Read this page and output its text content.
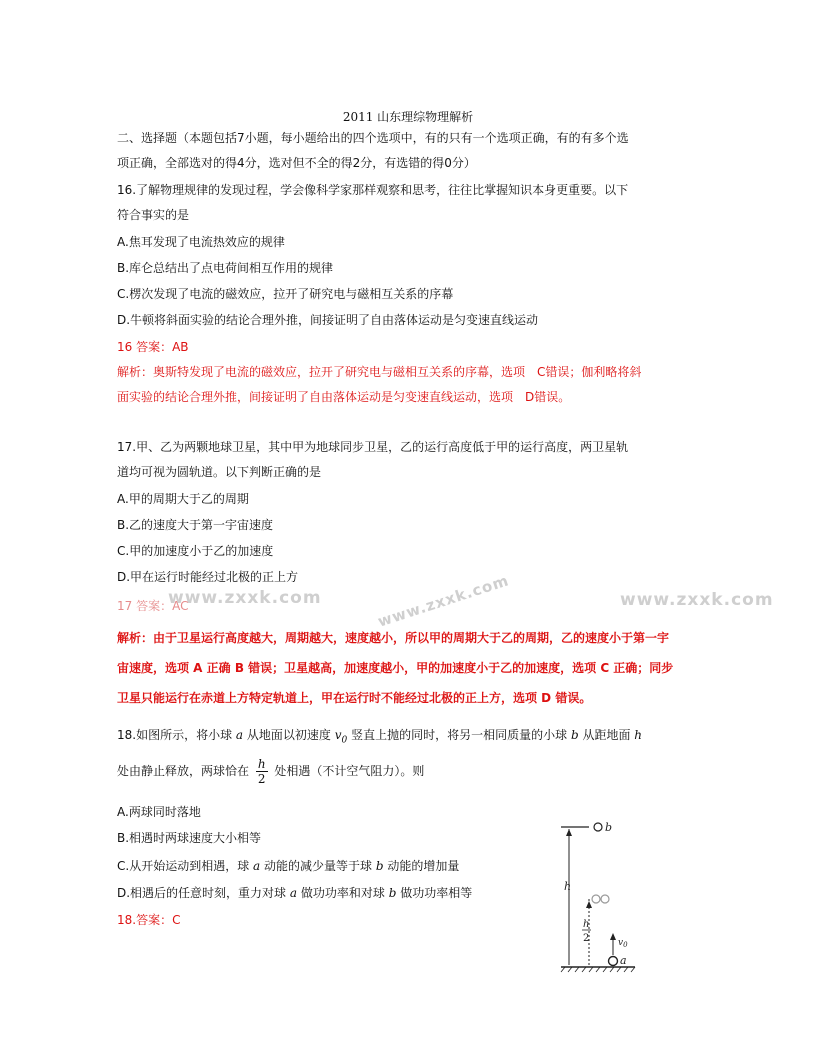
2011 山东理综物理解析
二、选择题（本题包括7小题，每小题给出的四个选项中，有的只有一个选项正确，有的有多个选
项正确，全部选对的得4分，选对但不全的得2分，有选错的得0分）
16.了解物理规律的发现过程，学会像科学家那样观察和思考，往往比掌握知识本身更重要。以下
符合事实的是
A.焦耳发现了电流热效应的规律
B.库仑总结出了点电荷间相互作用的规律
C.楞次发现了电流的磁效应，拉开了研究电与磁相互关系的序幕
D.牛顿将斜面实验的结论合理外推，间接证明了自由落体运动是匀变速直线运动
16 答案：AB
解析：奥斯特发现了电流的磁效应，拉开了研究电与磁相互关系的序幕，选项　C错误；伽利略将斜
面实验的结论合理外推，间接证明了自由落体运动是匀变速直线运动，选项　D错误。
17.甲、乙为两颗地球卫星，其中甲为地球同步卫星，乙的运行高度低于甲的运行高度，两卫星轨
道均可视为圆轨道。以下判断正确的是
A.甲的周期大于乙的周期
B.乙的速度大于第一宇宙速度
C.甲的加速度小于乙的加速度
D.甲在运行时能经过北极的正上方
www.zxxk.com	www.zxxk.com	www.zxxk.com
17 答案：AC
解析：由于卫星运行高度越大，周期越大，速度越小，所以甲的周期大于乙的周期，乙的速度小于第一宇
宙速度，选项 A 正确 B 错误；卫星越高，加速度越小，甲的加速度小于乙的加速度，选项 C 正确；同步
卫星只能运行在赤道上方特定轨道上，甲在运行时不能经过北极的正上方，选项 D 错误。
18.如图所示，将小球 a 从地面以初速度 $v_0$ 竖直上抛的同时，将另一相同质量的小球 b 从距地面 h
处由静止释放，两球恰在 $\frac{h}{2}$ 处相遇（不计空气阻力）。则
A.两球同时落地
B.相遇时两球速度大小相等
C.从开始运动到相遇，球 a 动能的减少量等于球 b 动能的增加量
D.相遇后的任意时刻，重力对球 a 做功功率和对球 b 做功功率相等
18.答案：C
b
h
h
2	$v_0$
a
